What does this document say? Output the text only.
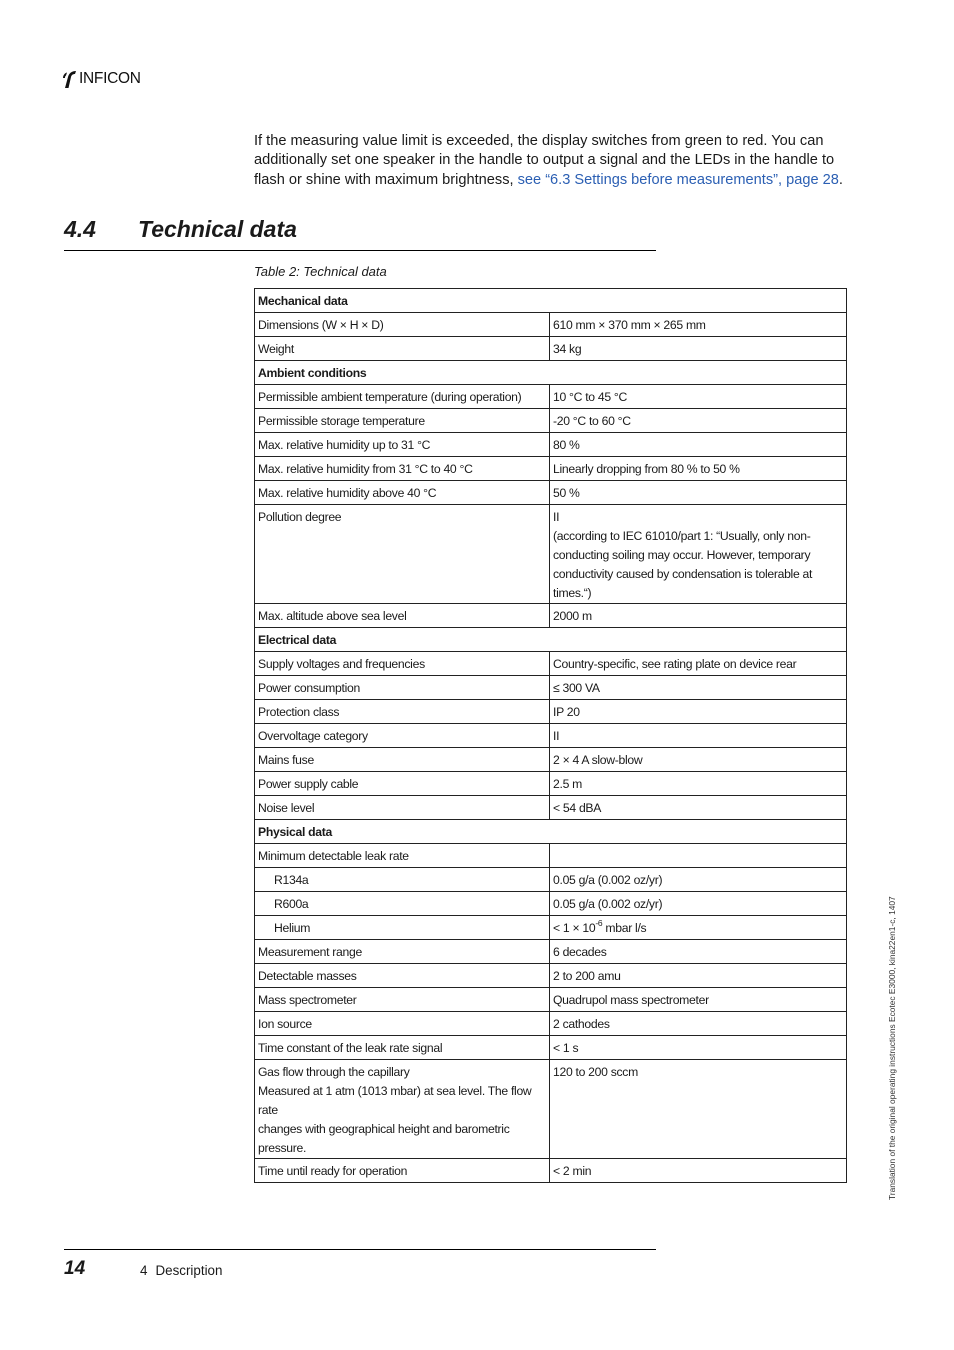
INFICON
If the measuring value limit is exceeded, the display switches from green to red. You can additionally set one speaker in the handle to output a signal and the LEDs in the handle to flash or shine with maximum brightness, see “6.3 Settings before measurements”, page 28.
4.4 Technical data
Table 2: Technical data
Mechanical data	
Dimensions (W × H × D)	610 mm × 370 mm × 265 mm
Weight	34 kg
Ambient conditions	
Permissible ambient temperature (during operation)	10 °C to 45 °C
Permissible storage temperature	-20 °C to 60 °C
Max. relative humidity up to 31 °C	80 %
Max. relative humidity from 31 °C to 40 °C	Linearly dropping from 80 % to 50 %
Max. relative humidity above 40 °C	50 %
Pollution degree	II
(according to IEC 61010/part 1: “Usually, only non-
conducting soiling may occur. However, temporary
conductivity caused by condensation is tolerable at times.“)

Max. altitude above sea level	2000 m
Electrical data	
Supply voltages and frequencies	Country-specific, see rating plate on device rear
Power consumption	≤ 300 VA
Protection class	IP 20
Overvoltage category	II
Mains fuse	2 × 4 A slow-blow
Power supply cable	2.5 m
Noise level	< 54 dBA
Physical data	
Minimum detectable leak rate	
R134a	0.05 g/a (0.002 oz/yr)
R600a	0.05 g/a (0.002 oz/yr)
Helium	< $1 \times 10^{-6}$ mbar l/s
Measurement range	6 decades
Detectable masses	2 to 200 amu
Mass spectrometer	Quadrupol mass spectrometer
Ion source	2 cathodes
Time constant of the leak rate signal	< 1 s

Gas flow through the capillary
Measured at 1 atm (1013 mbar) at sea level. The flow rate
changes with geographical height and barometric pressure.	120 to 200 sccm
Time until ready for operation	< 2 min	Translation of the original operating instructions Ecotec E3000, kina22en1-c, 1407
14	4 Description
